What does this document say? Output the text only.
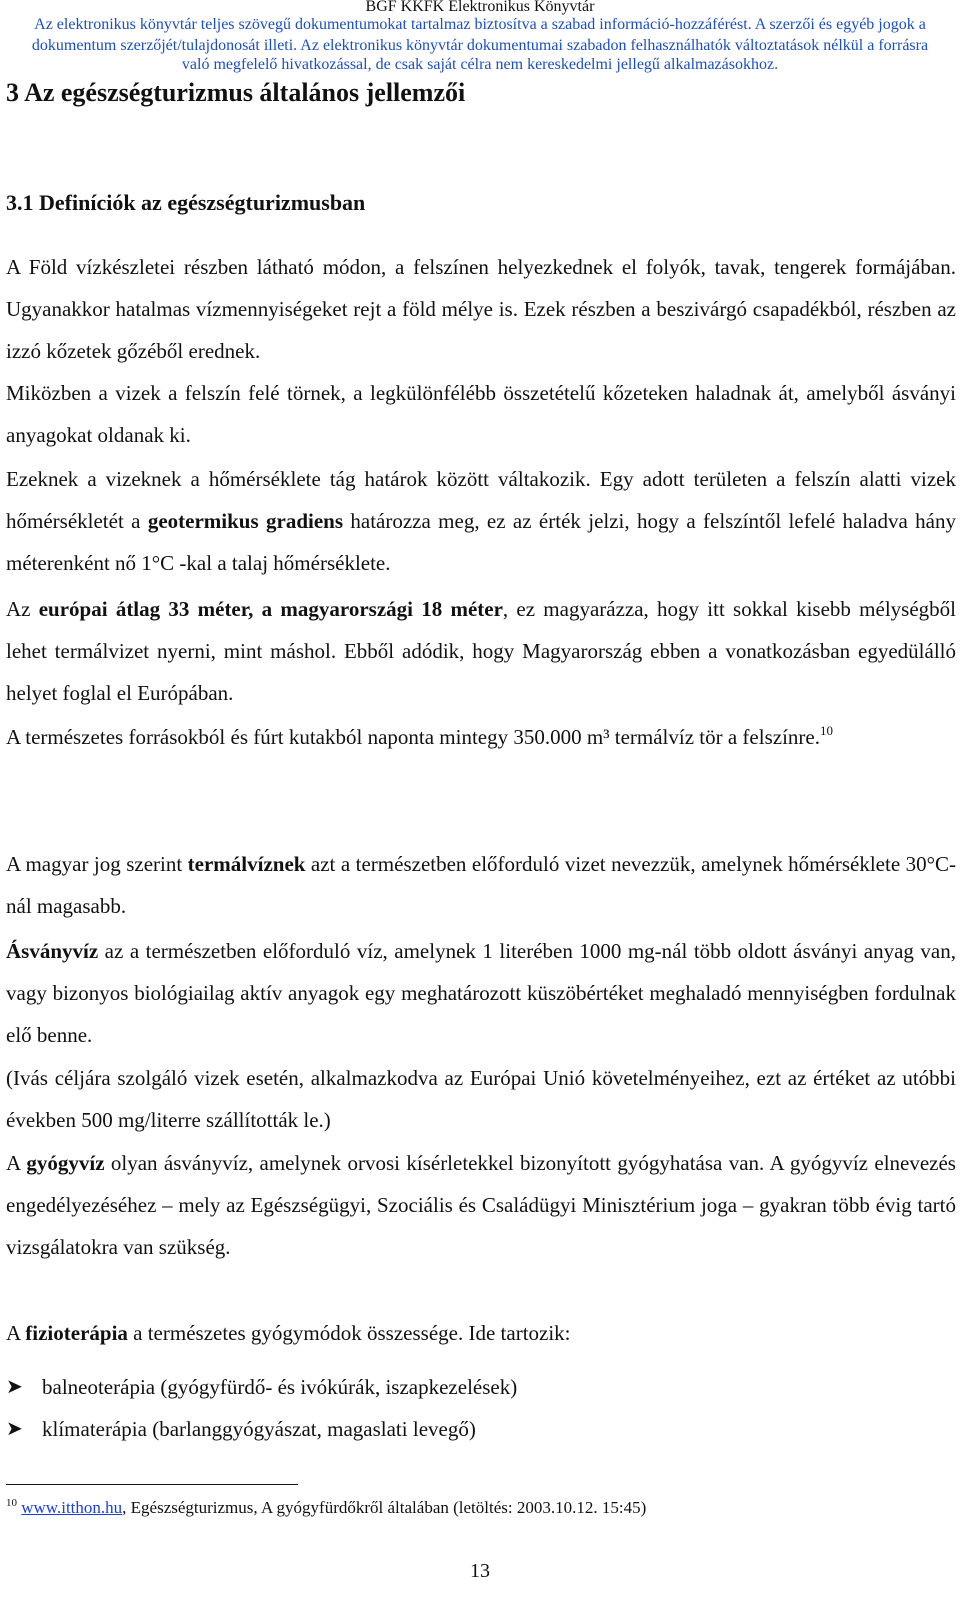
BGF KKFK Elektronikus Könyvtár
Az elektronikus könyvtár teljes szövegű dokumentumokat tartalmaz biztosítva a szabad információ-hozzáférést. A szerzői és egyéb jogok a
dokumentum szerzőjét/tulajdonosát illeti. Az elektronikus könyvtár dokumentumai szabadon felhasználhatók változtatások nélkül a forrásra
való megfelelő hivatkozással, de csak saját célra nem kereskedelmi jellegű alkalmazásokhoz.
3 Az egészségturizmus általános jellemzői
3.1 Definíciók az egészségturizmusban

A Föld vízkészletei részben látható módon, a felszínen helyezkednek el folyók, tavak, tengerek formájában. Ugyanakkor hatalmas vízmennyiségeket rejt a föld mélye is. Ezek részben a beszivárgó csapadékból, részben az izzó kőzetek gőzéből erednek.

Miközben a vizek a felszín felé törnek, a legkülönfélébb összetételű kőzeteken haladnak át, amelyből ásványi anyagokat oldanak ki.

Ezeknek a vizeknek a hőmérséklete tág határok között váltakozik. Egy adott területen a felszín alatti vizek hőmérsékletét a geotermikus gradiens határozza meg, ez az érték jelzi, hogy a felszíntől lefelé haladva hány méterenként nő 1°C -kal a talaj hőmérséklete.

Az európai átlag 33 méter, a magyarországi 18 méter, ez magyarázza, hogy itt sokkal kisebb mélységből lehet termálvizet nyerni, mint máshol. Ebből adódik, hogy Magyarország ebben a vonatkozásban egyedülálló helyet foglal el Európában.

A természetes forrásokból és fúrt kutakból naponta mintegy 350.000 m³ termálvíz tör a felszínre.$^{10}$

A magyar jog szerint termálvíznek azt a természetben előforduló vizet nevezzük, amelynek hőmérséklete 30°C-nál magasabb.

Ásványvíz az a természetben előforduló víz, amelynek 1 literében 1000 mg-nál több oldott ásványi anyag van, vagy bizonyos biológiailag aktív anyagok egy meghatározott küszöbértéket meghaladó mennyiségben fordulnak elő benne.

(Ivás céljára szolgáló vizek esetén, alkalmazkodva az Európai Unió követelményeihez, ezt az értéket az utóbbi években 500 mg/literre szállították le.)

A gyógyvíz olyan ásványvíz, amelynek orvosi kísérletekkel bizonyított gyógyhatása van. A gyógyvíz elnevezés engedélyezéséhez – mely az Egészségügyi, Szociális és Családügyi Minisztérium joga – gyakran több évig tartó vizsgálatokra van szükség.

A fizioterápia a természetes gyógymódok összessége. Ide tartozik:

➤ balneoterápia (gyógyfürdő- és ivókúrák, iszapkezelések)
➤ klímaterápia (barlanggyógyászat, magaslati levegő)
$^{10}$ www.itthon.hu, Egészségturizmus, A gyógyfürdőkről általában (letöltés: 2003.10.12. 15:45)
13
